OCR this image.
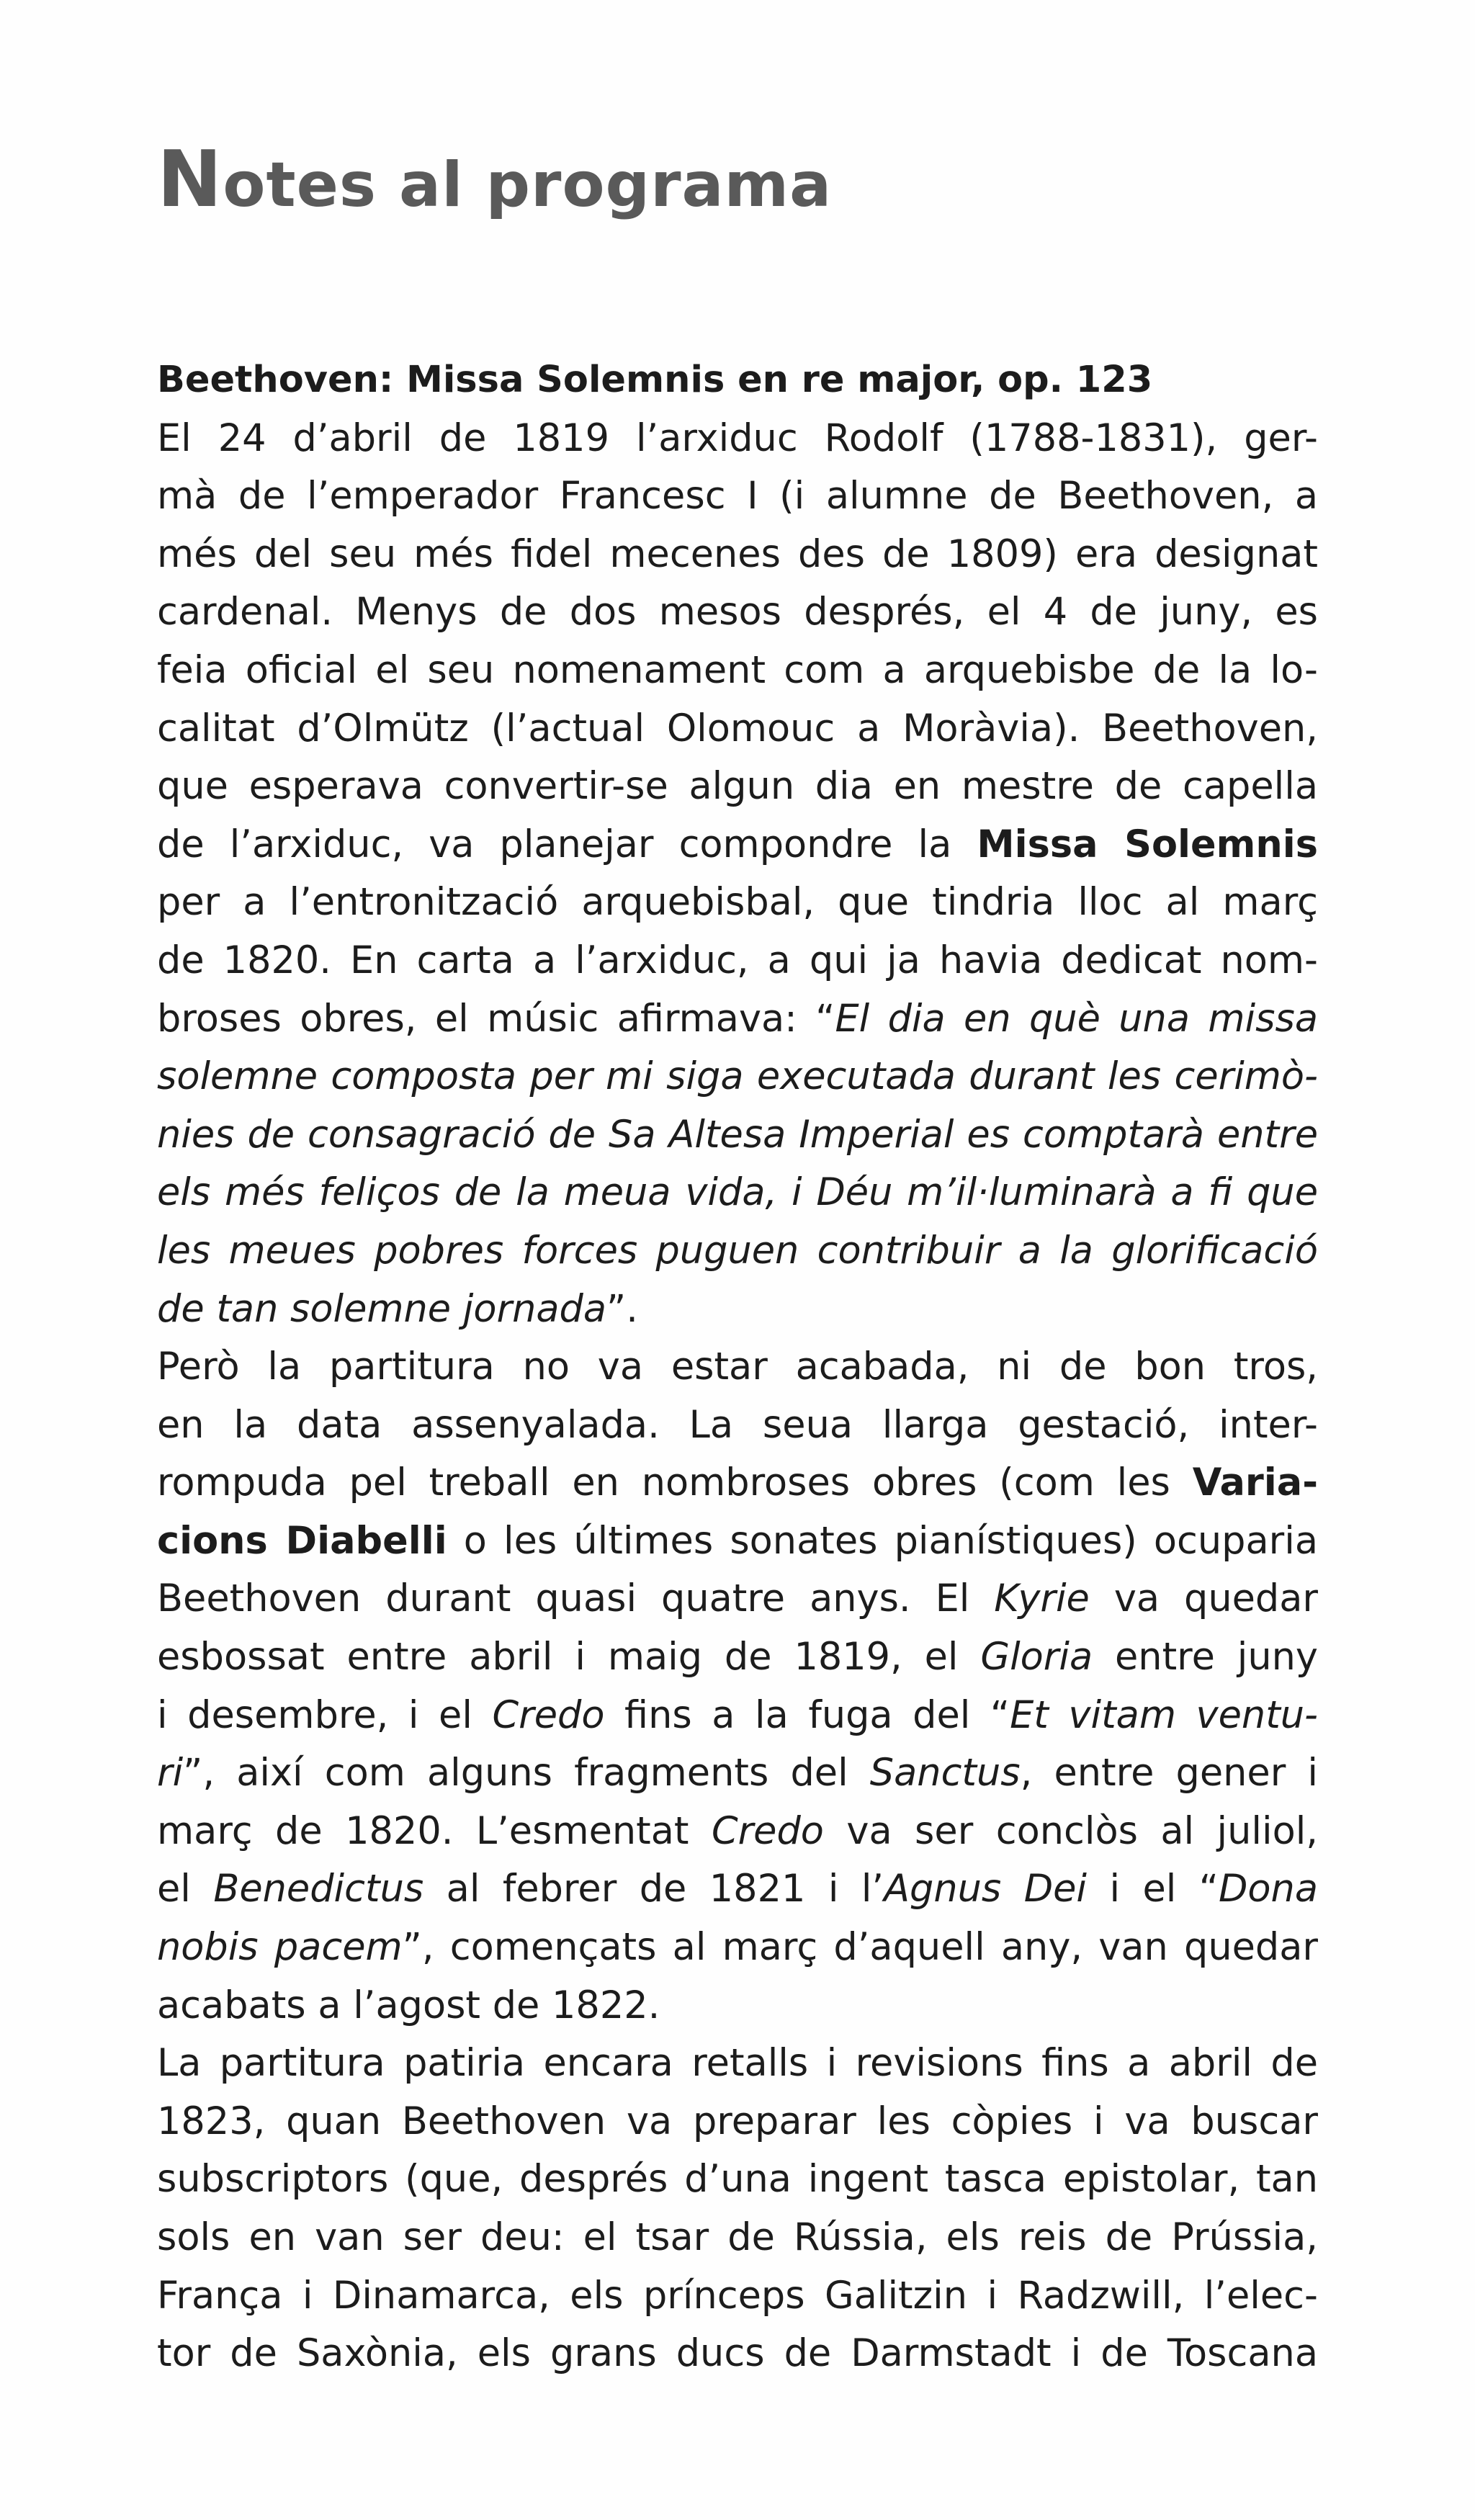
Notes al programa
Beethoven: Missa Solemnis en re major, op. 123
El 24 d’abril de 1819 l’arxiduc Rodolf (1788-1831), ger-
mà de l’emperador Francesc I (i alumne de Beethoven, a
més del seu més fidel mecenes des de 1809) era designat
cardenal. Menys de dos mesos després, el 4 de juny, es
feia oficial el seu nomenament com a arquebisbe de la lo-
calitat d’Olmütz (l’actual Olomouc a Moràvia). Beethoven,
que esperava convertir-se algun dia en mestre de capella
de l’arxiduc, va planejar compondre la Missa Solemnis
per a l’entronització arquebisbal, que tindria lloc al març
de 1820. En carta a l’arxiduc, a qui ja havia dedicat nom-
broses obres, el músic afirmava: “El dia en què una missa
solemne composta per mi siga executada durant les cerimò-
nies de consagració de Sa Altesa Imperial es comptarà entre
els més feliços de la meua vida, i Déu m’il·luminarà a fi que
les meues pobres forces puguen contribuir a la glorificació
de tan solemne jornada”.
Però la partitura no va estar acabada, ni de bon tros,
en la data assenyalada. La seua llarga gestació, inter-
rompuda pel treball en nombroses obres (com les Varia-
cions Diabelli o les últimes sonates pianístiques) ocuparia
Beethoven durant quasi quatre anys. El Kyrie va quedar
esbossat entre abril i maig de 1819, el Gloria entre juny
i desembre, i el Credo fins a la fuga del “Et vitam ventu-
ri”, així com alguns fragments del Sanctus, entre gener i
març de 1820. L’esmentat Credo va ser conclòs al juliol,
el Benedictus al febrer de 1821 i l’Agnus Dei i el “Dona
nobis pacem”, començats al març d’aquell any, van quedar
acabats a l’agost de 1822.
La partitura patiria encara retalls i revisions fins a abril de
1823, quan Beethoven va preparar les còpies i va buscar
subscriptors (que, després d’una ingent tasca epistolar, tan
sols en van ser deu: el tsar de Rússia, els reis de Prússia,
França i Dinamarca, els prínceps Galitzin i Radzwill, l’elec-
tor de Saxònia, els grans ducs de Darmstadt i de Toscana
